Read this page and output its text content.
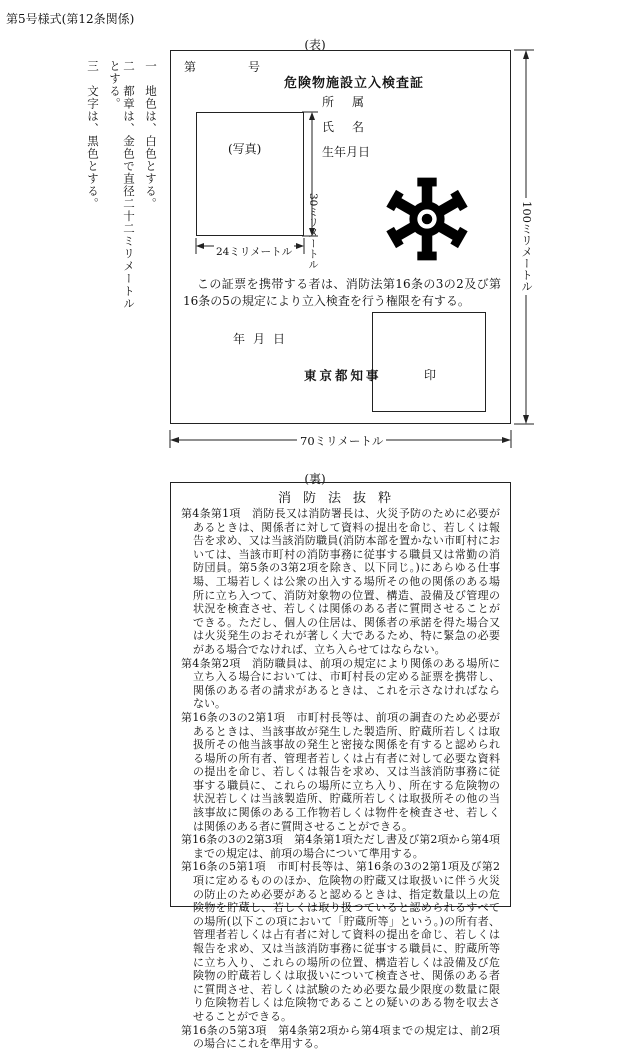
第5号様式(第12条関係)
一　地色は、白色とする。
二　都章は、金色で直径二十二ミリメートルとする。
三　文字は、黒色とする。
(表)
第	号
危険物施設立入検査証
所　属
氏　名
生年月日
(写真)
30ミリメートル
24ミリメートル
この証票を携帯する者は、消防法第16条の3の2及び第16条の5の規定により立入検査を行う権限を有する。
年月日
東京都知事	印
70ミリメートル
100ミリメートル
(裏)
消防法抜粋

第4条第1項　消防長又は消防署長は、火災予防のために必要があるときは、関係者に対して資料の提出を命じ、若しくは報告を求め、又は当該消防職員(消防本部を置かない市町村においては、当該市町村の消防事務に従事する職員又は常勤の消防団員。第5条の3第2項を除き、以下同じ。)にあらゆる仕事場、工場若しくは公衆の出入する場所その他の関係のある場所に立ち入つて、消防対象物の位置、構造、設備及び管理の状況を検査させ、若しくは関係のある者に質問させることができる。ただし、個人の住居は、関係者の承諾を得た場合又は火災発生のおそれが著しく大であるため、特に緊急の必要がある場合でなければ、立ち入らせてはならない。

第4条第2項　消防職員は、前項の規定により関係のある場所に立ち入る場合においては、市町村長の定める証票を携帯し、関係のある者の請求があるときは、これを示さなければならない。

第16条の3の2第1項　市町村長等は、前項の調査のため必要があるときは、当該事故が発生した製造所、貯蔵所若しくは取扱所その他当該事故の発生と密接な関係を有すると認められる場所の所有者、管理者若しくは占有者に対して必要な資料の提出を命じ、若しくは報告を求め、又は当該消防事務に従事する職員に、これらの場所に立ち入り、所在する危険物の状況若しくは当該製造所、貯蔵所若しくは取扱所その他の当該事故に関係のある工作物若しくは物件を検査させ、若しくは関係のある者に質問させることができる。

第16条の3の2第3項　第4条第1項ただし書及び第2項から第4項までの規定は、前項の場合について準用する。

第16条の5第1項　市町村長等は、第16条の3の2第1項及び第2項に定めるもののほか、危険物の貯蔵又は取扱いに伴う火災の防止のため必要があると認めるときは、指定数量以上の危険物を貯蔵し、若しくは取り扱つていると認められるすべての場所(以下この項において「貯蔵所等」という。)の所有者、管理者若しくは占有者に対して資料の提出を命じ、若しくは報告を求め、又は当該消防事務に従事する職員に、貯蔵所等に立ち入り、これらの場所の位置、構造若しくは設備及び危険物の貯蔵若しくは取扱いについて検査させ、関係のある者に質問させ、若しくは試験のため必要な最少限度の数量に限り危険物若しくは危険物であることの疑いのある物を収去させることができる。

第16条の5第3項　第4条第2項から第4項までの規定は、前2項の場合にこれを準用する。
